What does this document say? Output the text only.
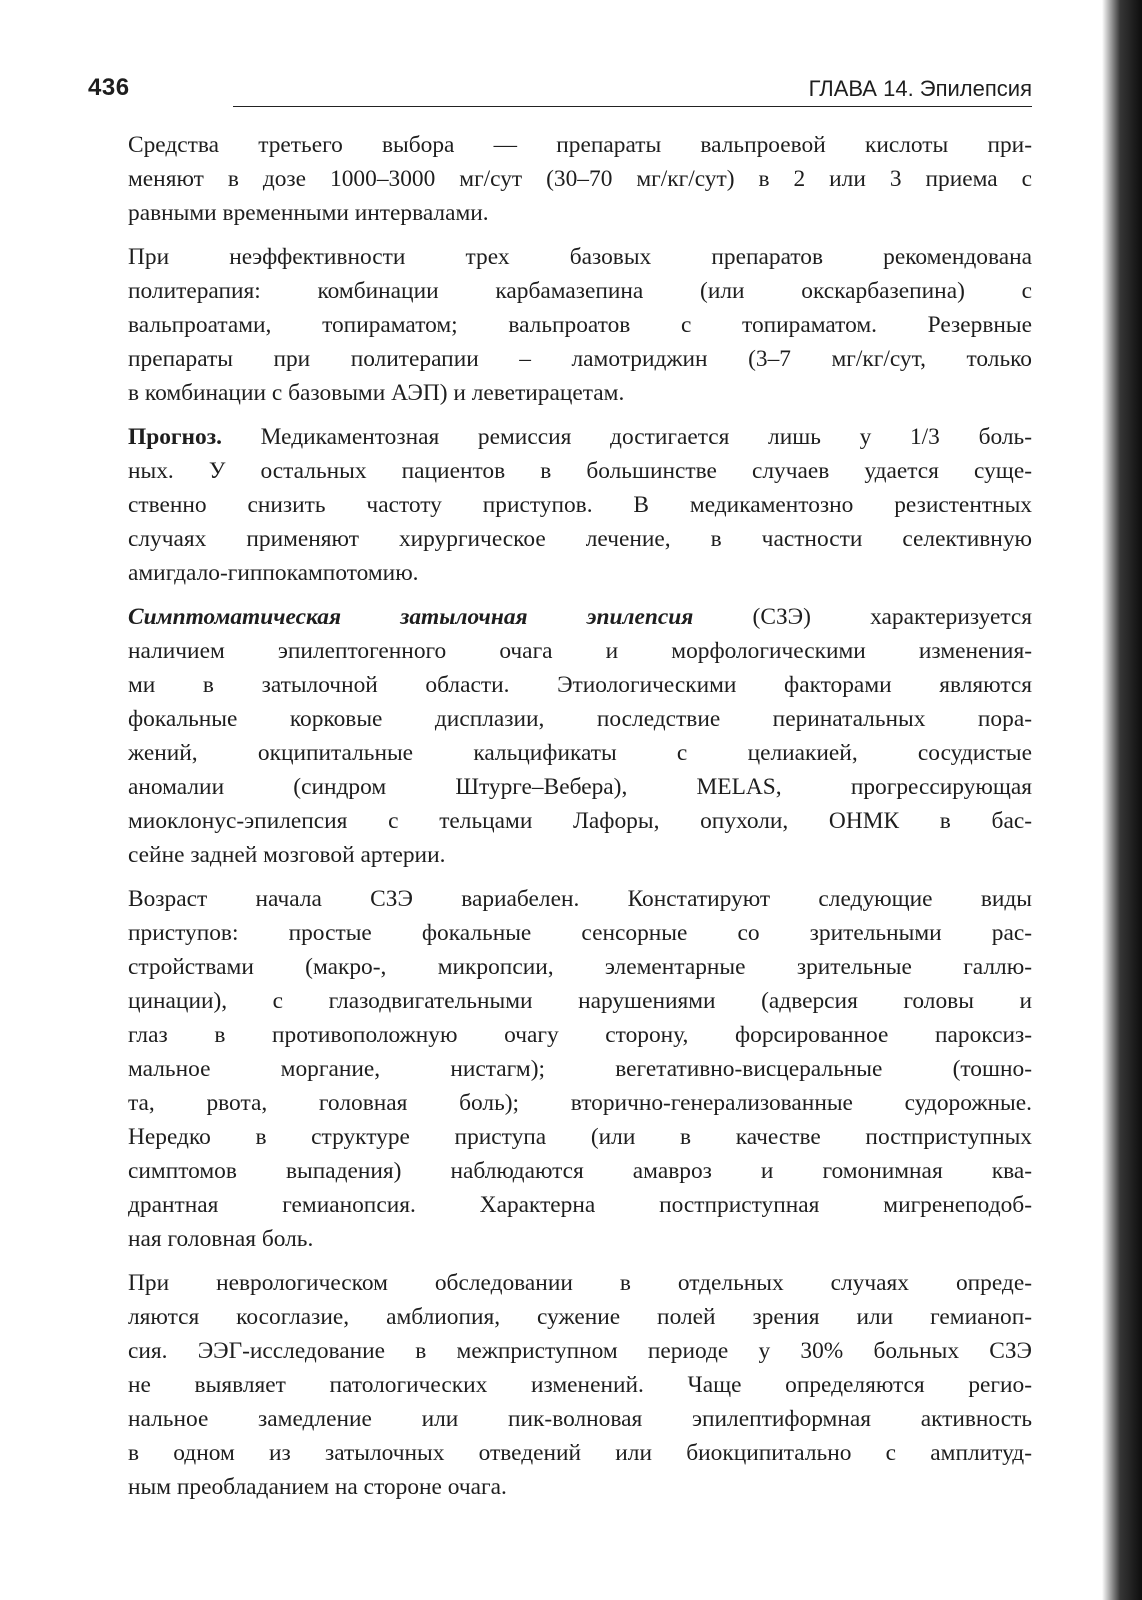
436	ГЛАВА 14. Эпилепсия
Средства третьего выбора — препараты вальпроевой кислоты при-
меняют в дозе 1000–3000 мг/сут (30–70 мг/кг/сут) в 2 или 3 приема с
равными временными интервалами.
При неэффективности трех базовых препаратов рекомендована
политерапия: комбинации карбамазепина (или окскарбазепина) с
вальпроатами, топираматом; вальпроатов с топираматом. Резервные
препараты при политерапии – ламотриджин (3–7 мг/кг/сут, только
в комбинации с базовыми АЭП) и леветирацетам.
Прогноз. Медикаментозная ремиссия достигается лишь у 1/3 боль-
ных. У остальных пациентов в большинстве случаев удается суще-
ственно снизить частоту приступов. В медикаментозно резистентных
случаях применяют хирургическое лечение, в частности селективную
амигдало-гиппокампотомию.
Симптоматическая затылочная эпилепсия (СЗЭ) характеризуется
наличием эпилептогенного очага и морфологическими изменения-
ми в затылочной области. Этиологическими факторами являются
фокальные корковые дисплазии, последствие перинатальных пора-
жений, окципитальные кальцификаты с целиакией, сосудистые
аномалии (синдром Штурге–Вебера), MELAS, прогрессирующая
миоклонус-эпилепсия с тельцами Лафоры, опухоли, ОНМК в бас-
сейне задней мозговой артерии.
Возраст начала СЗЭ вариабелен. Констатируют следующие виды
приступов: простые фокальные сенсорные со зрительными рас-
стройствами (макро-, микропсии, элементарные зрительные галлю-
цинации), с глазодвигательными нарушениями (адверсия головы и
глаз в противоположную очагу сторону, форсированное пароксиз-
мальное моргание, нистагм); вегетативно-висцеральные (тошно-
та, рвота, головная боль); вторично-генерализованные судорожные.
Нередко в структуре приступа (или в качестве постприступных
симптомов выпадения) наблюдаются амавроз и гомонимная ква-
дрантная гемианопсия. Характерна постприступная мигренеподоб-
ная головная боль.
При неврологическом обследовании в отдельных случаях опреде-
ляются косоглазие, амблиопия, сужение полей зрения или гемианоп-
сия. ЭЭГ-исследование в межприступном периоде у 30% больных СЗЭ
не выявляет патологических изменений. Чаще определяются регио-
нальное замедление или пик-волновая эпилептиформная активность
в одном из затылочных отведений или биокципитально с амплитуд-
ным преобладанием на стороне очага.
